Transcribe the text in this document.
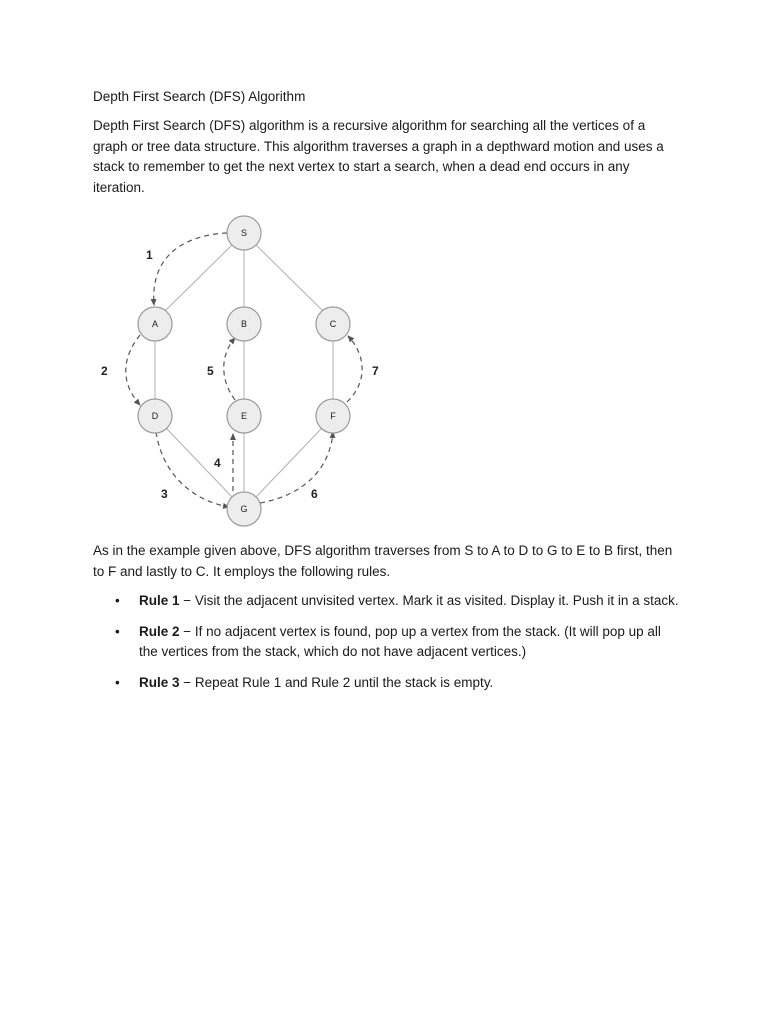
Depth First Search (DFS) Algorithm

Depth First Search (DFS) algorithm is a recursive algorithm for searching all the vertices of a graph or tree data structure. This algorithm traverses a graph in a depthward motion and uses a stack to remember to get the next vertex to start a search, when a dead end occurs in any iteration.

S
A	B	C
D	E	F
G
1
2
3
4
5
6
7

As in the example given above, DFS algorithm traverses from S to A to D to G to E to B first, then to F and lastly to C. It employs the following rules.

• Rule 1 − Visit the adjacent unvisited vertex. Mark it as visited. Display it. Push it in a stack.
• Rule 2 − If no adjacent vertex is found, pop up a vertex from the stack. (It will pop up all the vertices from the stack, which do not have adjacent vertices.)
• Rule 3 − Repeat Rule 1 and Rule 2 until the stack is empty.
